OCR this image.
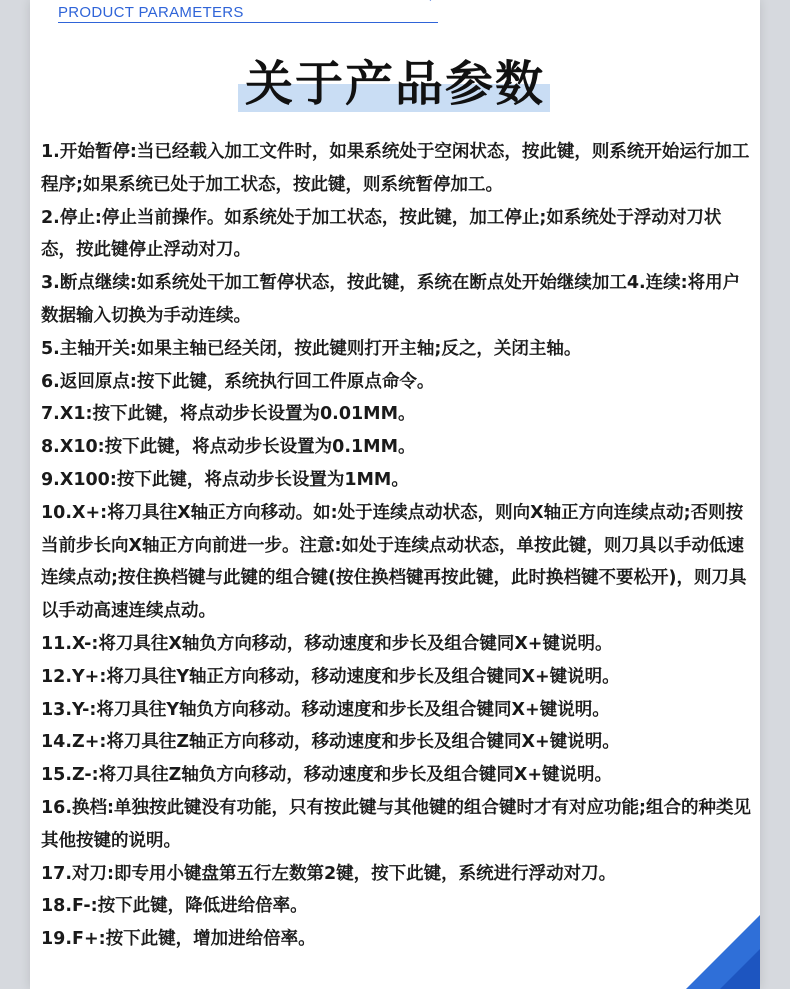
PRODUCT PARAMETERS
关于产品参数

1.开始暂停:当已经载入加工文件时，如果系统处于空闲状态，按此键，则系统开始运行加工程序;如果系统已处于加工状态，按此键，则系统暂停加工。

2.停止:停止当前操作。如系统处于加工状态，按此键，加工停止;如系统处于浮动对刀状态，按此键停止浮动对刀。

3.断点继续:如系统处干加工暂停状态，按此键，系统在断点处开始继续加工4.连续:将用户数据输入切换为手动连续。

5.主轴开关:如果主轴已经关闭，按此键则打开主轴;反之，关闭主轴。

6.返回原点:按下此键，系统执行回工件原点命令。

7.X1:按下此键，将点动步长设置为0.01MM。

8.X10:按下此键，将点动步长设置为0.1MM。

9.X100:按下此键，将点动步长设置为1MM。

10.X+:将刀具往X轴正方向移动。如:处于连续点动状态，则向X轴正方向连续点动;否则按当前步长向X轴正方向前进一步。注意:如处于连续点动状态，单按此键，则刀具以手动低速连续点动;按住换档键与此键的组合键(按住换档键再按此键，此时换档键不要松开)，则刀具以手动高速连续点动。

11.X-:将刀具往X轴负方向移动，移动速度和步长及组合键同X+键说明。

12.Y+:将刀具往Y轴正方向移动，移动速度和步长及组合键同X+键说明。

13.Y-:将刀具往Y轴负方向移动。移动速度和步长及组合键同X+键说明。

14.Z+:将刀具往Z轴正方向移动，移动速度和步长及组合键同X+键说明。

15.Z-:将刀具往Z轴负方向移动，移动速度和步长及组合键同X+键说明。

16.换档:单独按此键没有功能，只有按此键与其他键的组合键时才有对应功能;组合的种类见其他按键的说明。

17.对刀:即专用小键盘第五行左数第2键，按下此键，系统进行浮动对刀。

18.F-:按下此键，降低进给倍率。

19.F+:按下此键，增加进给倍率。
